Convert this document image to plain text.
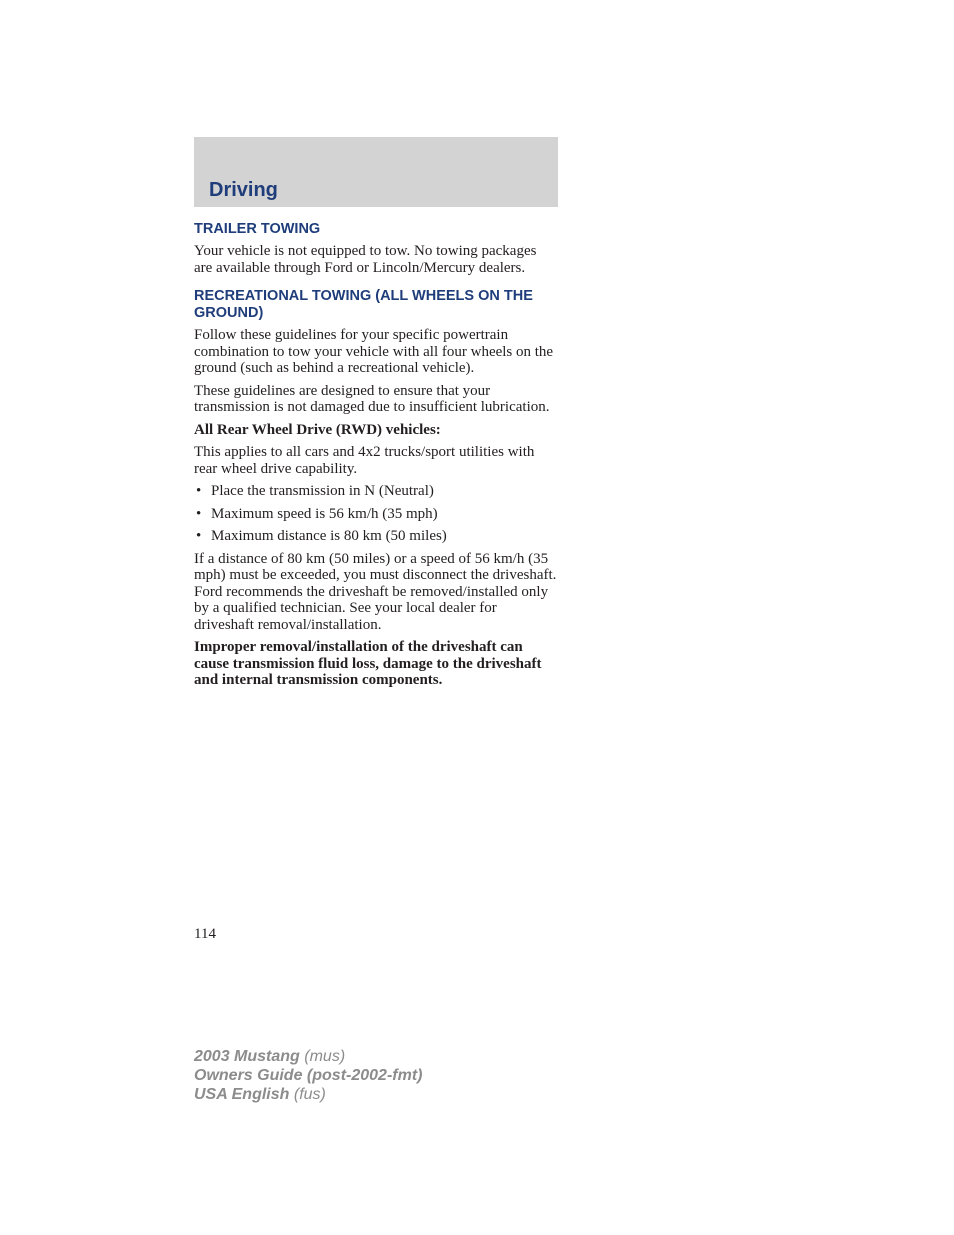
Driving
TRAILER TOWING

Your vehicle is not equipped to tow. No towing packages are available through Ford or Lincoln/Mercury dealers.

RECREATIONAL TOWING (ALL WHEELS ON THE GROUND)

Follow these guidelines for your specific powertrain combination to tow your vehicle with all four wheels on the ground (such as behind a recreational vehicle).

These guidelines are designed to ensure that your transmission is not damaged due to insufficient lubrication.

All Rear Wheel Drive (RWD) vehicles:

This applies to all cars and 4x2 trucks/sport utilities with rear wheel drive capability.

• Place the transmission in N (Neutral)
• Maximum speed is 56 km/h (35 mph)
• Maximum distance is 80 km (50 miles)

If a distance of 80 km (50 miles) or a speed of 56 km/h (35 mph) must be exceeded, you must disconnect the driveshaft. Ford recommends the driveshaft be removed/installed only by a qualified technician. See your local dealer for driveshaft removal/installation.

Improper removal/installation of the driveshaft can cause transmission fluid loss, damage to the driveshaft and internal transmission components.

114
2003 Mustang (mus)
Owners Guide (post-2002-fmt)
USA English (fus)
